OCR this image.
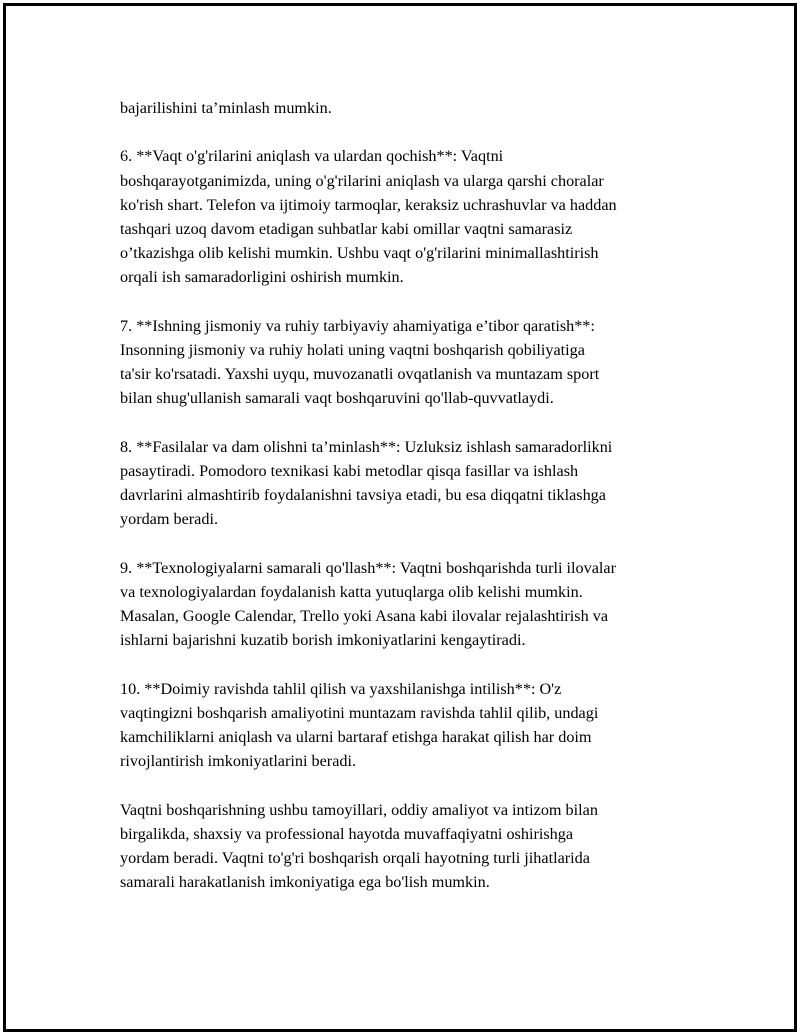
bajarilishini ta’minlash mumkin.

6. **Vaqt o'g'rilarini aniqlash va ulardan qochish**: Vaqtni
boshqarayotganimizda, uning o'g'rilarini aniqlash va ularga qarshi choralar
ko'rish shart. Telefon va ijtimoiy tarmoqlar, keraksiz uchrashuvlar va haddan
tashqari uzoq davom etadigan suhbatlar kabi omillar vaqtni samarasiz
o’tkazishga olib kelishi mumkin. Ushbu vaqt o'g'rilarini minimallashtirish
orqali ish samaradorligini oshirish mumkin.

7. **Ishning jismoniy va ruhiy tarbiyaviy ahamiyatiga e’tibor qaratish**:
Insonning jismoniy va ruhiy holati uning vaqtni boshqarish qobiliyatiga
ta'sir ko'rsatadi. Yaxshi uyqu, muvozanatli ovqatlanish va muntazam sport
bilan shug'ullanish samarali vaqt boshqaruvini qo'llab-quvvatlaydi.

8. **Fasilalar va dam olishni ta’minlash**: Uzluksiz ishlash samaradorlikni
pasaytiradi. Pomodoro texnikasi kabi metodlar qisqa fasillar va ishlash
davrlarini almashtirib foydalanishni tavsiya etadi, bu esa diqqatni tiklashga
yordam beradi.

9. **Texnologiyalarni samarali qo'llash**: Vaqtni boshqarishda turli ilovalar
va texnologiyalardan foydalanish katta yutuqlarga olib kelishi mumkin.
Masalan, Google Calendar, Trello yoki Asana kabi ilovalar rejalashtirish va
ishlarni bajarishni kuzatib borish imkoniyatlarini kengaytiradi.

10. **Doimiy ravishda tahlil qilish va yaxshilanishga intilish**: O'z
vaqtingizni boshqarish amaliyotini muntazam ravishda tahlil qilib, undagi
kamchiliklarni aniqlash va ularni bartaraf etishga harakat qilish har doim
rivojlantirish imkoniyatlarini beradi.

Vaqtni boshqarishning ushbu tamoyillari, oddiy amaliyot va intizom bilan
birgalikda, shaxsiy va professional hayotda muvaffaqiyatni oshirishga
yordam beradi. Vaqtni to'g'ri boshqarish orqali hayotning turli jihatlarida
samarali harakatlanish imkoniyatiga ega bo'lish mumkin.
